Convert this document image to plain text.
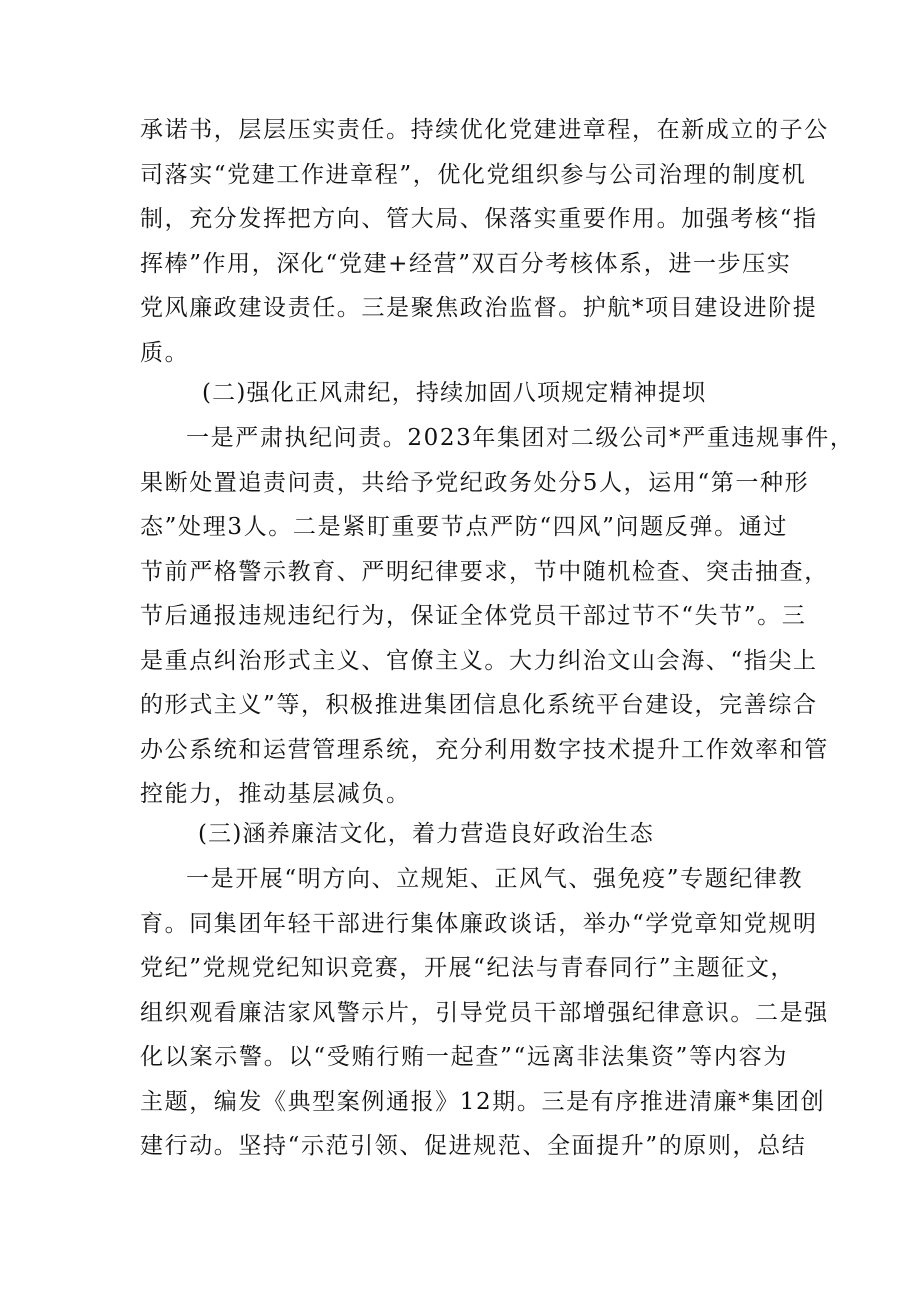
承诺书，层层压实责任。持续优化党建进章程，在新成立的子公
司落实“党建工作进章程”，优化党组织参与公司治理的制度机
制，充分发挥把方向、管大局、保落实重要作用。加强考核“指
挥棒”作用，深化“党建+经营”双百分考核体系，进一步压实
党风廉政建设责任。三是聚焦政治监督。护航*项目建设进阶提
质。
(二)强化正风肃纪，持续加固八项规定精神提坝
一是严肃执纪问责。2023年集团对二级公司*严重违规事件，
果断处置追责问责，共给予党纪政务处分5人，运用“第一种形
态”处理3人。二是紧盯重要节点严防“四风”问题反弹。通过
节前严格警示教育、严明纪律要求，节中随机检查、突击抽查，
节后通报违规违纪行为，保证全体党员干部过节不“失节”。三
是重点纠治形式主义、官僚主义。大力纠治文山会海、“指尖上
的形式主义”等，积极推进集团信息化系统平台建设，完善综合
办公系统和运营管理系统，充分利用数字技术提升工作效率和管
控能力，推动基层减负。
(三)涵养廉洁文化，着力营造良好政治生态
一是开展“明方向、立规矩、正风气、强免疫”专题纪律教
育。同集团年轻干部进行集体廉政谈话，举办“学党章知党规明
党纪”党规党纪知识竞赛，开展“纪法与青春同行”主题征文，
组织观看廉洁家风警示片，引导党员干部增强纪律意识。二是强
化以案示警。以“受贿行贿一起查”“远离非法集资”等内容为
主题，编发《典型案例通报》12期。三是有序推进清廉*集团创
建行动。坚持“示范引领、促进规范、全面提升”的原则，总结
